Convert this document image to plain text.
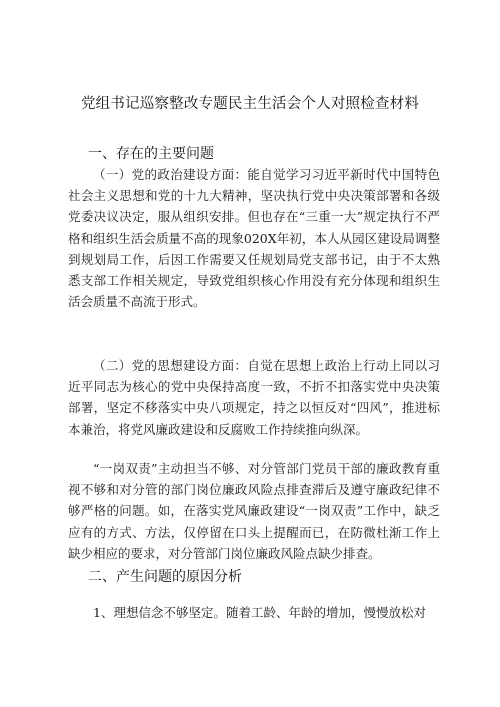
党组书记巡察整改专题民主生活会个人对照检查材料
一、存在的主要问题

（一）党的政治建设方面：能自觉学习习近平新时代中国特色社会主义思想和党的十九大精神，坚决执行党中央决策部署和各级党委决议决定，服从组织安排。但也存在“三重一大”规定执行不严格和组织生活会质量不高的现象020X年初，本人从园区建设局调整到规划局工作，后因工作需要又任规划局党支部书记，由于不太熟悉支部工作相关规定，导致党组织核心作用没有充分体现和组织生活会质量不高流于形式。

（二）党的思想建设方面：自觉在思想上政治上行动上同以习近平同志为核心的党中央保持高度一致，不折不扣落实党中央决策部署，坚定不移落实中央八项规定，持之以恒反对“四风”，推进标本兼治，将党风廉政建设和反腐败工作持续推向纵深。

“一岗双责”主动担当不够、对分管部门党员干部的廉政教育重视不够和对分管的部门岗位廉政风险点排查滞后及遵守廉政纪律不够严格的问题。如，在落实党风廉政建设“一岗双责”工作中，缺乏应有的方式、方法，仅停留在口头上提醒而已，在防微杜渐工作上缺少相应的要求，对分管部门岗位廉政风险点缺少排查。

二、产生问题的原因分析

1、理想信念不够坚定。随着工龄、年龄的增加，慢慢放松对
